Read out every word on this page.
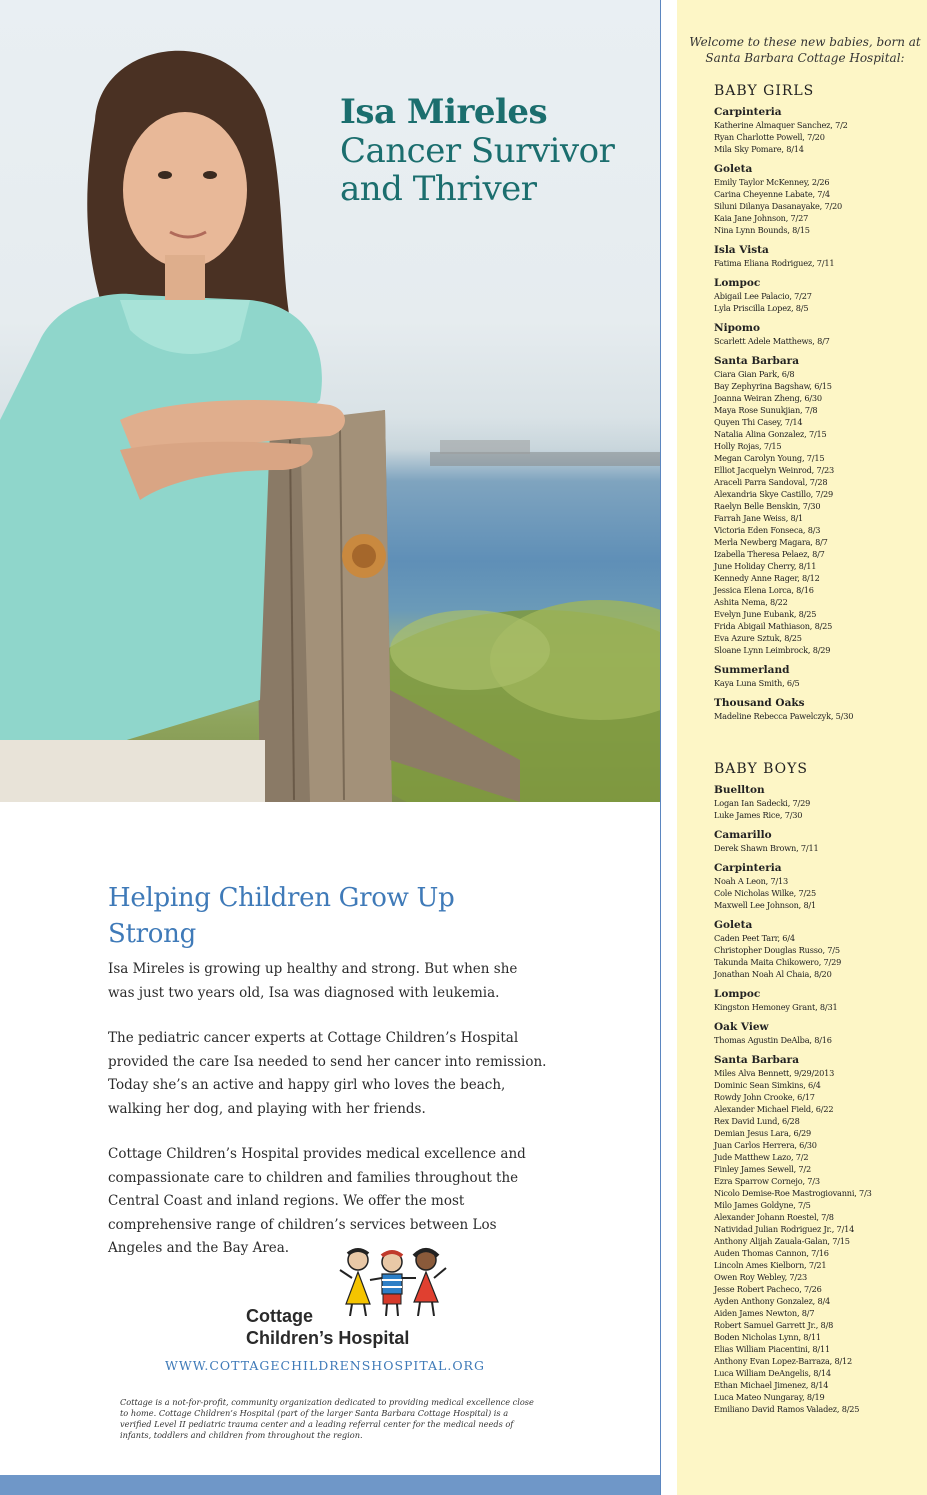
Isa Mireles
Cancer Survivor
and Thriver
Helping Children Grow Up Strong

Isa Mireles is growing up healthy and strong. But when she was just two years old, Isa was diagnosed with leukemia.

The pediatric cancer experts at Cottage Children’s Hospital provided the care Isa needed to send her cancer into remission. Today she’s an active and happy girl who loves the beach, walking her dog, and playing with her friends.

Cottage Children’s Hospital provides medical excellence and compassionate care to children and families throughout the Central Coast and inland regions. We offer the most comprehensive range of children’s services between Los Angeles and the Bay Area.

Cottage
Children’s Hospital
WWW.COTTAGECHILDRENSHOSPITAL.ORG
Cottage is a not-for-profit, community organization dedicated to providing medical excellence close to home. Cottage Children’s Hospital (part of the larger Santa Barbara Cottage Hospital) is a verified Level II pediatric trauma center and a leading referral center for the medical needs of infants, toddlers and children from throughout the region.
Welcome to these new babies, born at Santa Barbara Cottage Hospital:
BABY GIRLS
Carpinteria
Katherine Almaquer Sanchez, 7/2
Ryan Charlotte Powell, 7/20
Mila Sky Pomare, 8/14
Goleta
Emily Taylor McKenney, 2/26
Carina Cheyenne Labate, 7/4
Siluni Dilanya Dasanayake, 7/20
Kaia Jane Johnson, 7/27
Nina Lynn Bounds, 8/15
Isla Vista
Fatima Eliana Rodriguez, 7/11
Lompoc
Abigail Lee Palacio, 7/27
Lyla Priscilla Lopez, 8/5
Nipomo
Scarlett Adele Matthews, 8/7
Santa Barbara
Ciara Gian Park, 6/8
Bay Zephyrina Bagshaw, 6/15
Joanna Weiran Zheng, 6/30
Maya Rose Sunukjian, 7/8
Quyen Thi Casey, 7/14
Natalia Alina Gonzalez, 7/15
Holly Rojas, 7/15
Megan Carolyn Young, 7/15
Elliot Jacquelyn Weinrod, 7/23
Araceli Parra Sandoval, 7/28
Alexandria Skye Castillo, 7/29
Raelyn Belle Benskin, 7/30
Farrah Jane Weiss, 8/1
Victoria Eden Fonseca, 8/3
Merla Newberg Magara, 8/7
Izabella Theresa Pelaez, 8/7
June Holiday Cherry, 8/11
Kennedy Anne Rager, 8/12
Jessica Elena Lorca, 8/16
Ashita Nema, 8/22
Evelyn June Eubank, 8/25
Frida Abigail Mathiason, 8/25
Eva Azure Sztuk, 8/25
Sloane Lynn Leimbrock, 8/29
Summerland
Kaya Luna Smith, 6/5
Thousand Oaks
Madeline Rebecca Pawelczyk, 5/30
BABY BOYS
Buellton
Logan Ian Sadecki, 7/29
Luke James Rice, 7/30
Camarillo
Derek Shawn Brown, 7/11
Carpinteria
Noah A Leon, 7/13
Cole Nicholas Wilke, 7/25
Maxwell Lee Johnson, 8/1
Goleta
Caden Peet Tarr, 6/4
Christopher Douglas Russo, 7/5
Takunda Maita Chikowero, 7/29
Jonathan Noah Al Chaia, 8/20
Lompoc
Kingston Hemoney Grant, 8/31
Oak View
Thomas Agustin DeAlba, 8/16
Santa Barbara
Miles Alva Bennett, 9/29/2013
Dominic Sean Simkins, 6/4
Rowdy John Crooke, 6/17
Alexander Michael Field, 6/22
Rex David Lund, 6/28
Demian Jesus Lara, 6/29
Juan Carlos Herrera, 6/30
Jude Matthew Lazo, 7/2
Finley James Sewell, 7/2
Ezra Sparrow Cornejo, 7/3
Nicolo Demise-Roe Mastrogiovanni, 7/3
Milo James Goldyne, 7/5
Alexander Johann Roestel, 7/8
Natividad Julian Rodriguez Jr., 7/14
Anthony Alijah Zauala-Galan, 7/15
Auden Thomas Cannon, 7/16
Lincoln Ames Kielborn, 7/21
Owen Roy Webley, 7/23
Jesse Robert Pacheco, 7/26
Ayden Anthony Gonzalez, 8/4
Aiden James Newton, 8/7
Robert Samuel Garrett Jr., 8/8
Boden Nicholas Lynn, 8/11
Elias William Piacentini, 8/11
Anthony Evan Lopez-Barraza, 8/12
Luca William DeAngelis, 8/14
Ethan Michael Jimenez, 8/14
Luca Mateo Nungaray, 8/19
Emiliano David Ramos Valadez, 8/25
